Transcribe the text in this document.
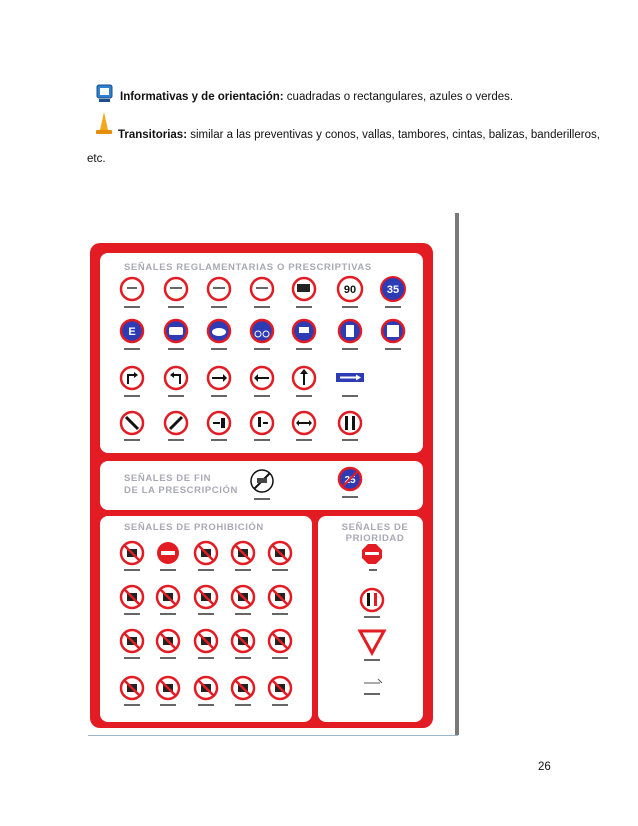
Informativas y de orientación: cuadradas o rectangulares, azules o verdes.
Transitorias: similar a las preventivas y conos, vallas, tambores, cintas, balizas, banderilleros,
etc.
SEÑALES REGLAMENTARIAS O PRESCRIPTIVAS
90	35
E
SEÑALES DE FIN
DE LA PRESCRIPCIÓN
25
SEÑALES DE PROHIBICIÓN	SEÑALES DE
PRIORIDAD
26
